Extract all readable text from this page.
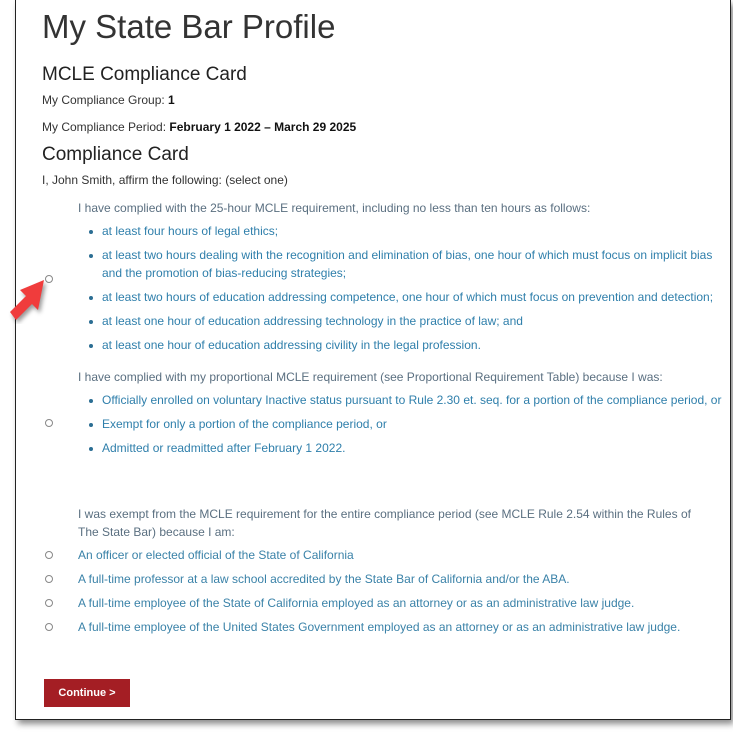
My State Bar Profile
MCLE Compliance Card
My Compliance Group: 1
My Compliance Period: February 1 2022 – March 29 2025
Compliance Card
I, John Smith, affirm the following: (select one)
I have complied with the 25-hour MCLE requirement, including no less than ten hours as follows:
at least four hours of legal ethics;
at least two hours dealing with the recognition and elimination of bias, one hour of which must focus on implicit bias and the promotion of bias-reducing strategies;
at least two hours of education addressing competence, one hour of which must focus on prevention and detection;
at least one hour of education addressing technology in the practice of law; and
at least one hour of education addressing civility in the legal profession.
I have complied with my proportional MCLE requirement (see Proportional Requirement Table) because I was:
Officially enrolled on voluntary Inactive status pursuant to Rule 2.30 et. seq. for a portion of the compliance period, or
Exempt for only a portion of the compliance period, or
Admitted or readmitted after February 1 2022.
I was exempt from the MCLE requirement for the entire compliance period (see MCLE Rule 2.54 within the Rules of The State Bar) because I am:
An officer or elected official of the State of California
A full-time professor at a law school accredited by the State Bar of California and/or the ABA.
A full-time employee of the State of California employed as an attorney or as an administrative law judge.
A full-time employee of the United States Government employed as an attorney or as an administrative law judge.
Continue >
